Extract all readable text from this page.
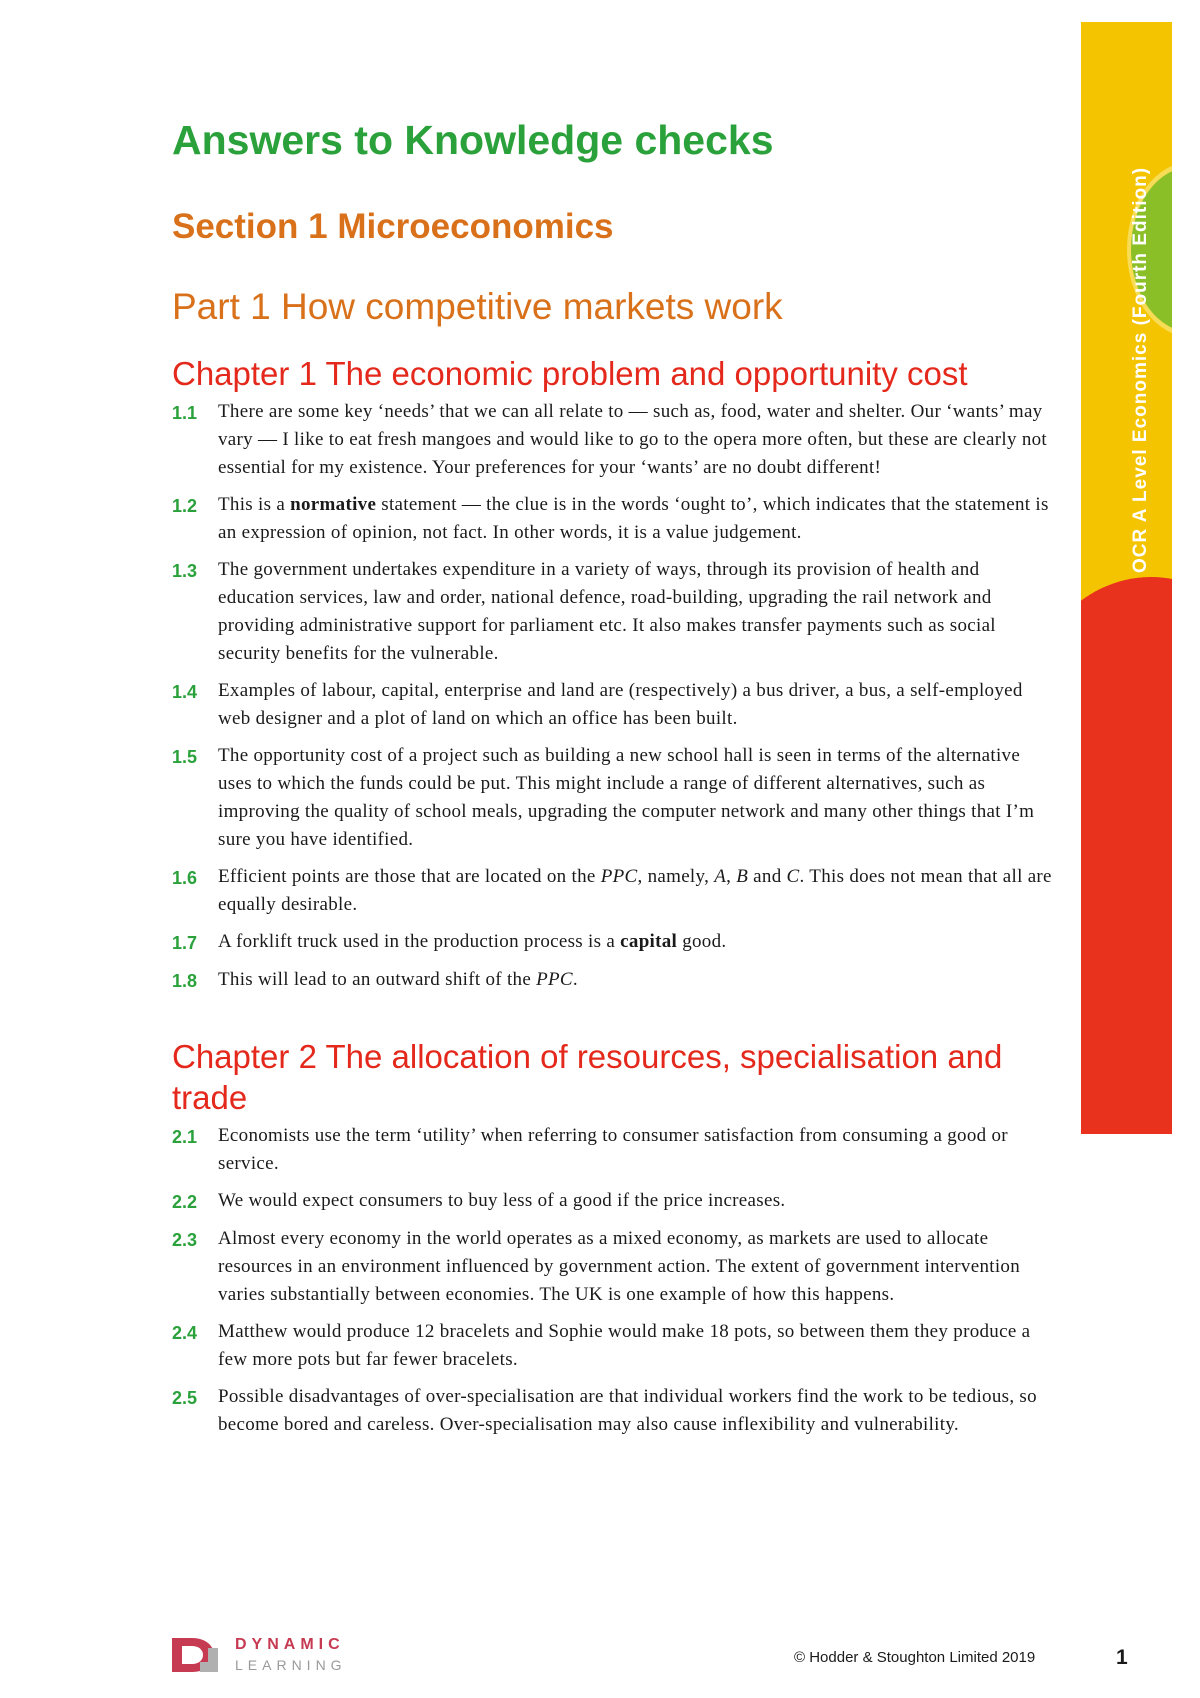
OCR A Level Economics (Fourth Edition)
Answers to Knowledge checks
Section 1 Microeconomics
Part 1 How competitive markets work
Chapter 1 The economic problem and opportunity cost
1.1	There are some key ‘needs’ that we can all relate to — such as, food, water and shelter. Our ‘wants’ may vary — I like to eat fresh mangoes and would like to go to the opera more often, but these are clearly not essential for my existence. Your preferences for your ‘wants’ are no doubt different!
1.2	This is a normative statement — the clue is in the words ‘ought to’, which indicates that the statement is an expression of opinion, not fact. In other words, it is a value judgement.
1.3	The government undertakes expenditure in a variety of ways, through its provision of health and education services, law and order, national defence, road-building, upgrading the rail network and providing administrative support for parliament etc. It also makes transfer payments such as social security benefits for the vulnerable.
1.4	Examples of labour, capital, enterprise and land are (respectively) a bus driver, a bus, a self-employed web designer and a plot of land on which an office has been built.
1.5	The opportunity cost of a project such as building a new school hall is seen in terms of the alternative uses to which the funds could be put. This might include a range of different alternatives, such as improving the quality of school meals, upgrading the computer network and many other things that I’m sure you have identified.
1.6	Efficient points are those that are located on the PPC, namely, A, B and C. This does not mean that all are equally desirable.
1.7	A forklift truck used in the production process is a capital good.
1.8	This will lead to an outward shift of the PPC.
Chapter 2 The allocation of resources, specialisation and trade
2.1	Economists use the term ‘utility’ when referring to consumer satisfaction from consuming a good or service.
2.2	We would expect consumers to buy less of a good if the price increases.
2.3	Almost every economy in the world operates as a mixed economy, as markets are used to allocate resources in an environment influenced by government action. The extent of government intervention varies substantially between economies. The UK is one example of how this happens.
2.4	Matthew would produce 12 bracelets and Sophie would make 18 pots, so between them they produce a few more pots but far fewer bracelets.
2.5	Possible disadvantages of over-specialisation are that individual workers find the work to be tedious, so become bored and careless. Over-specialisation may also cause inflexibility and vulnerability.
DYNAMIC
LEARNING	© Hodder & Stoughton Limited 2019	1
